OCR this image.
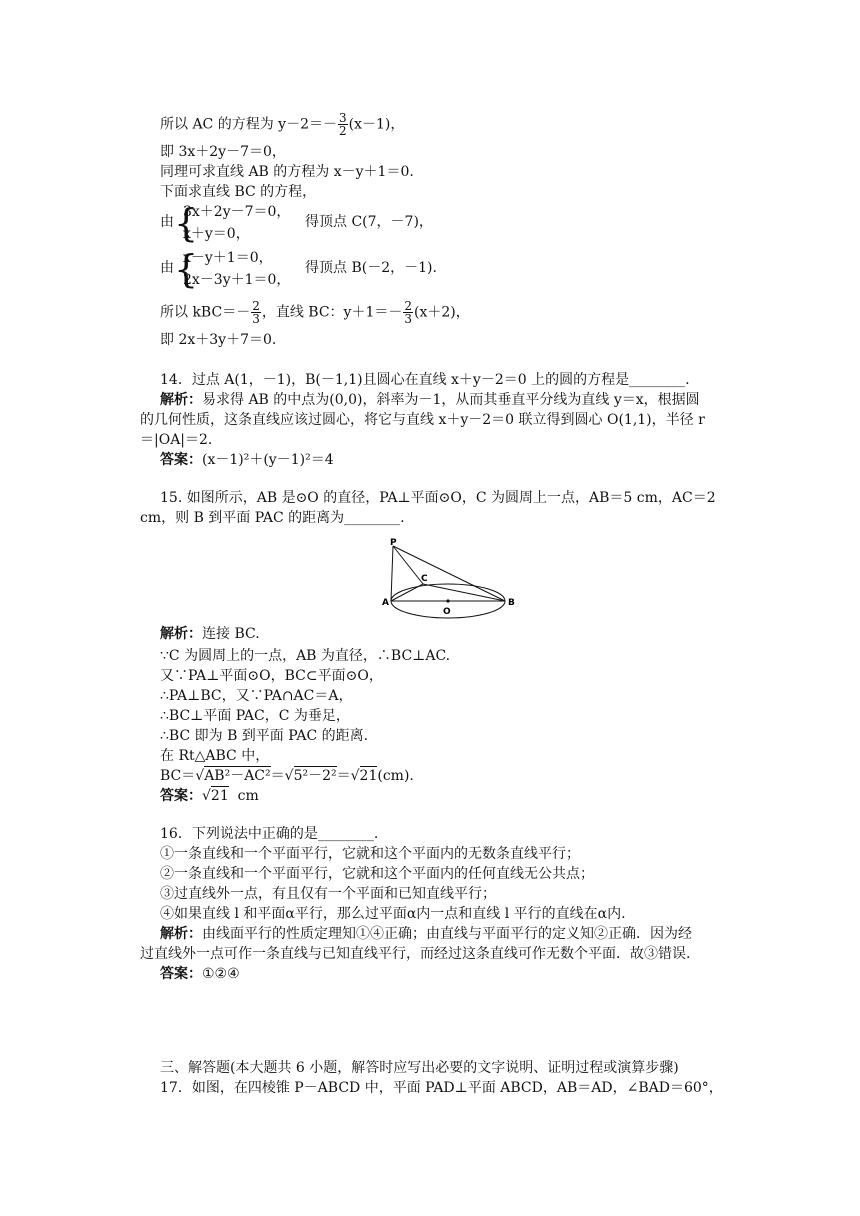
所以 AC 的方程为 $y-2=- \frac{3}{2} (x-1)$，
即 3x＋2y－7＝0，
同理可求直线 AB 的方程为 x－y＋1＝0.
下面求直线 BC 的方程，
由 {
3x＋2y－7＝0，
x＋y＝0，
得顶点 C(7，－7)，
由 {
x－y＋1＝0，
2x－3y＋1＝0，
得顶点 B(－2，－1).
所以 $kBC=- \frac{2}{3}$ ，直线 BC：$y+1=- \frac{2}{3} (x+2)$，
即 2x＋3y＋7＝0.
14．过点 A(1，－1)，B(－1,1)且圆心在直线 x＋y－2＝0 上的圆的方程是________.
解析：易求得 AB 的中点为(0,0)，斜率为－1，从而其垂直平分线为直线 y＝x，根据圆
的几何性质，这条直线应该过圆心，将它与直线 x＋y－2＝0 联立得到圆心 O(1,1)，半径 r
＝|OA|＝2.
答案：(x－1)²＋(y－1)²＝4
15. 如图所示，AB 是⊙O 的直径，PA⊥平面⊙O，C 为圆周上一点，AB＝5 cm，AC＝2
cm，则 B 到平面 PAC 的距离为________.
P
C
A
O
B
解析：连接 BC.
∵C 为圆周上的一点，AB 为直径，∴BC⊥AC.
又∵PA⊥平面⊙O，BC⊂平面⊙O，
∴PA⊥BC，又∵PA∩AC＝A，
∴BC⊥平面 PAC，C 为垂足，
∴BC 即为 B 到平面 PAC 的距离.
在 Rt△ABC 中，
BC＝√AB²－AC²＝√5²－2²＝√21(cm).
答案：√21  cm
16．下列说法中正确的是________.
①一条直线和一个平面平行，它就和这个平面内的无数条直线平行；
②一条直线和一个平面平行，它就和这个平面内的任何直线无公共点；
③过直线外一点，有且仅有一个平面和已知直线平行；
④如果直线 l 和平面α平行，那么过平面α内一点和直线 l 平行的直线在α内.
解析：由线面平行的性质定理知①④正确；由直线与平面平行的定义知②正确．因为经
过直线外一点可作一条直线与已知直线平行，而经过这条直线可作无数个平面．故③错误.
答案：①②④
三、解答题(本大题共 6 小题，解答时应写出必要的文字说明、证明过程或演算步骤)
17．如图，在四棱锥 P－ABCD 中，平面 PAD⊥平面 ABCD，AB＝AD，∠BAD＝60°，
